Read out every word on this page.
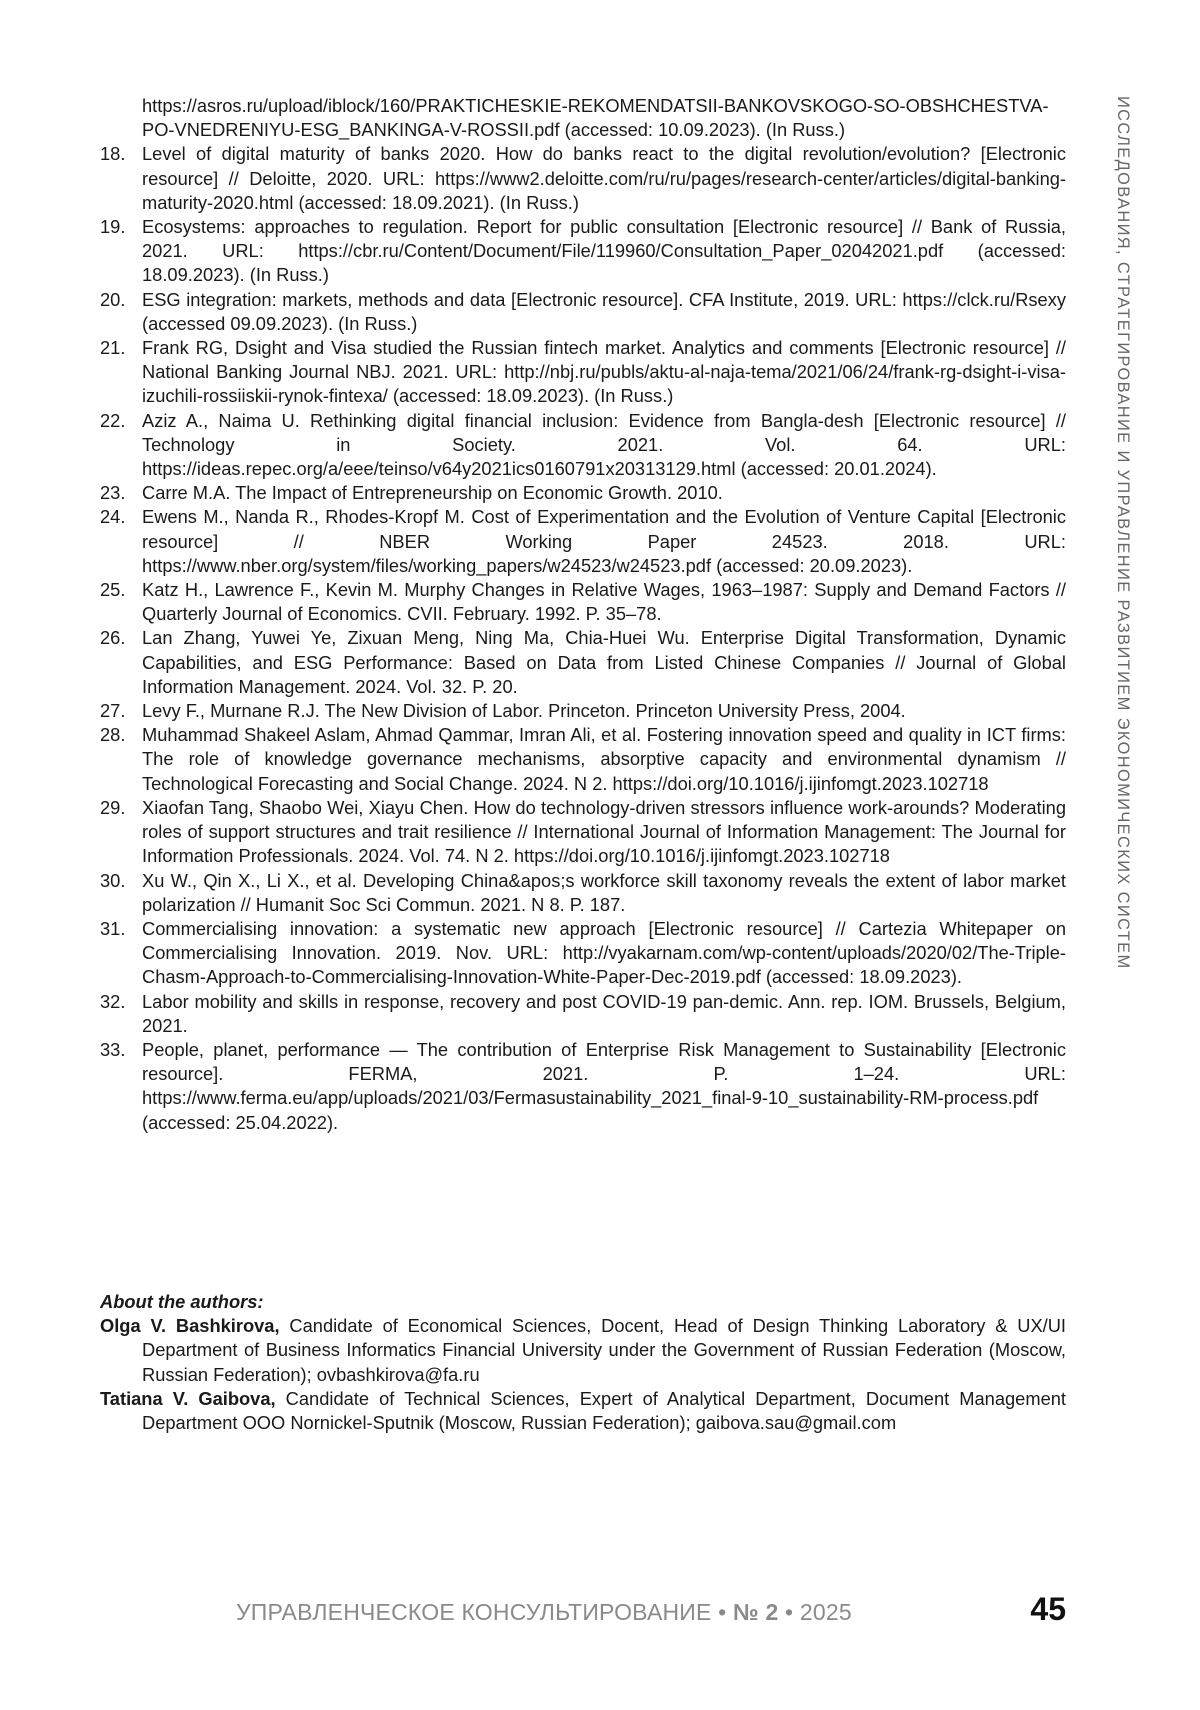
https://asros.ru/upload/iblock/160/PRAKTICHESKIE-REKOMENDATSII-BANKOVSKOGO-SO-OBSHCHESTVA-PO-VNEDRENIYU-ESG_BANKINGA-V-ROSSII.pdf (accessed: 10.09.2023). (In Russ.)
18. Level of digital maturity of banks 2020. How do banks react to the digital revolution/evolution? [Electronic resource] // Deloitte, 2020. URL: https://www2.deloitte.com/ru/ru/pages/research-center/articles/digital-banking-maturity-2020.html (accessed: 18.09.2021). (In Russ.)
19. Ecosystems: approaches to regulation. Report for public consultation [Electronic resource] // Bank of Russia, 2021. URL: https://cbr.ru/Content/Document/File/119960/Consultation_Paper_02042021.pdf (accessed: 18.09.2023). (In Russ.)
20. ESG integration: markets, methods and data [Electronic resource]. CFA Institute, 2019. URL: https://clck.ru/Rsexy (accessed 09.09.2023). (In Russ.)
21. Frank RG, Dsight and Visa studied the Russian fintech market. Analytics and comments [Electronic resource] // National Banking Journal NBJ. 2021. URL: http://nbj.ru/publs/aktu-al-naja-tema/2021/06/24/frank-rg-dsight-i-visa-izuchili-rossiiskii-rynok-fintexa/ (accessed: 18.09.2023). (In Russ.)
22. Aziz A., Naima U. Rethinking digital financial inclusion: Evidence from Bangla-desh [Electronic resource] // Technology in Society. 2021. Vol. 64. URL: https://ideas.repec.org/a/eee/teinso/v64y2021ics0160791x20313129.html (accessed: 20.01.2024).
23. Carre M.A. The Impact of Entrepreneurship on Economic Growth. 2010.
24. Ewens M., Nanda R., Rhodes-Kropf M. Cost of Experimentation and the Evolution of Venture Capital [Electronic resource] // NBER Working Paper 24523. 2018. URL: https://www.nber.org/system/files/working_papers/w24523/w24523.pdf (accessed: 20.09.2023).
25. Katz H., Lawrence F., Kevin M. Murphy Changes in Relative Wages, 1963–1987: Supply and Demand Factors // Quarterly Journal of Economics. CVII. February. 1992. P. 35–78.
26. Lan Zhang, Yuwei Ye, Zixuan Meng, Ning Ma, Chia-Huei Wu. Enterprise Digital Transformation, Dynamic Capabilities, and ESG Performance: Based on Data from Listed Chinese Companies // Journal of Global Information Management. 2024. Vol. 32. P. 20.
27. Levy F., Murnane R.J. The New Division of Labor. Princeton. Princeton University Press, 2004.
28. Muhammad Shakeel Aslam, Ahmad Qammar, Imran Ali, et al. Fostering innovation speed and quality in ICT firms: The role of knowledge governance mechanisms, absorptive capacity and environmental dynamism // Technological Forecasting and Social Change. 2024. N 2. https://doi.org/10.1016/j.ijinfomgt.2023.102718
29. Xiaofan Tang, Shaobo Wei, Xiayu Chen. How do technology-driven stressors influence work-arounds? Moderating roles of support structures and trait resilience // International Journal of Information Management: The Journal for Information Professionals. 2024. Vol. 74. N 2. https://doi.org/10.1016/j.ijinfomgt.2023.102718
30. Xu W., Qin X., Li X., et al. Developing China&apos;s workforce skill taxonomy reveals the extent of labor market polarization // Humanit Soc Sci Commun. 2021. N 8. P. 187.
31. Commercialising innovation: a systematic new approach [Electronic resource] // Cartezia Whitepaper on Commercialising Innovation. 2019. Nov. URL: http://vyakarnam.com/wp-content/uploads/2020/02/The-Triple-Chasm-Approach-to-Commercialising-Innovation-White-Paper-Dec-2019.pdf (accessed: 18.09.2023).
32. Labor mobility and skills in response, recovery and post COVID-19 pan-demic. Ann. rep. IOM. Brussels, Belgium, 2021.
33. People, planet, performance — The contribution of Enterprise Risk Management to Sustainability [Electronic resource]. FERMA, 2021. P. 1–24. URL: https://www.ferma.eu/app/uploads/2021/03/Fermasustainability_2021_final-9-10_sustainability-RM-process.pdf (accessed: 25.04.2022).
About the authors:
Olga V. Bashkirova, Candidate of Economical Sciences, Docent, Head of Design Thinking Laboratory & UX/UI Department of Business Informatics Financial University under the Government of Russian Federation (Moscow, Russian Federation); ovbashkirova@fa.ru
Tatiana V. Gaibova, Candidate of Technical Sciences, Expert of Analytical Department, Document Management Department OOO Nornickel-Sputnik (Moscow, Russian Federation); gaibova.sau@gmail.com
ИССЛЕДОВАНИЯ, СТРАТЕГИРОВАНИЕ И УПРАВЛЕНИЕ РАЗВИТИЕМ ЭКОНОМИЧЕСКИХ СИСТЕМ
УПРАВЛЕНЧЕСКОЕ КОНСУЛЬТИРОВАНИЕ • № 2 • 2025	45
